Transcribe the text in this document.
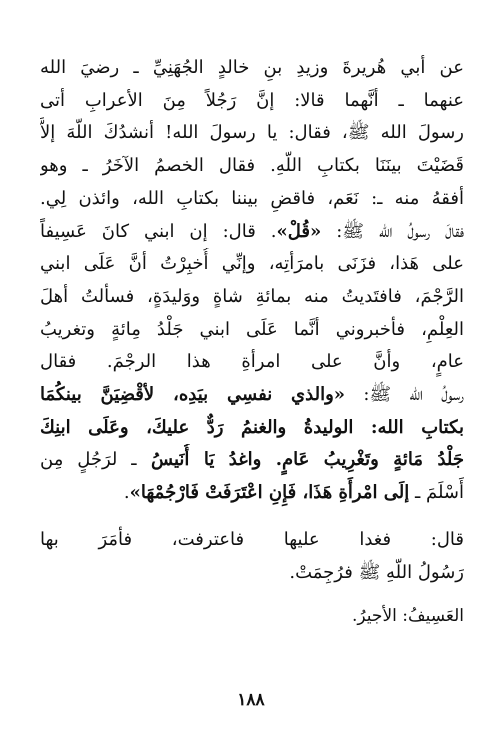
عن أبي هُريرةَ وزيدِ بنِ خالدٍ الجُهَنِيِّ ـ رضيَ الله
عنهما ـ أنَّهما قالا: إنَّ رَجُلاً مِنَ الأعرابِ أتى
رسولَ الله ﷺ، فقال: يا رسولَ الله! أنشدُكَ اللّهَ إلاَّ
قَضَيْتَ بينَنَا بكتابِ اللّهِ. فقال الخصمُ الآخَرُ ـ وهو
أفقهُ منه ـ: نَعَم، فاقضِ بيننا بكتابِ الله، وائذن لِي.
فقالَ رسولُ الله ﷺ: «قُلْ». قال: إن ابني كانَ عَسِيفاً
على هَذا، فزَنَى بامرَأتِه، وإنِّي أُخبِرْتُ أنَّ عَلَى ابني
الرَّجْمَ، فافتَديتُ منه بمائةِ شاةٍ ووَليدَةٍ، فسألتُ أهلَ
العِلْمِ، فأخبروني أنَّما عَلَى ابني جَلْدُ مِائةٍ وتغريبُ
عامٍ، وأنَّ على امرأةِ هذا الرجْمَ. فقال
رسولُ الله ﷺ: «والذي نفسِي بيَدِه، لأقْضِيَنَّ بينكُمَا
بكتابِ الله: الوليدةُ والغنمُ رَدٌّ عليكَ، وعَلَى ابنِكَ
جَلْدُ مَائةٍ وتَغْرِيبُ عَامٍ. واغدُ يَا أُنَيسُ ـ لرَجُلٍ مِن
أَسْلَمَ ـ إلَى امْرأَةِ هَذَا، فَإِنِ اعْتَرَفَتْ فَارْجُمْهَا».
قال: فغدا عليها فاعترفت، فأمَرَ بها
رَسُولُ اللّهِ ﷺ فرُجِمَتْ.
العَسِيفُ: الأجيرُ.
١٨٨
